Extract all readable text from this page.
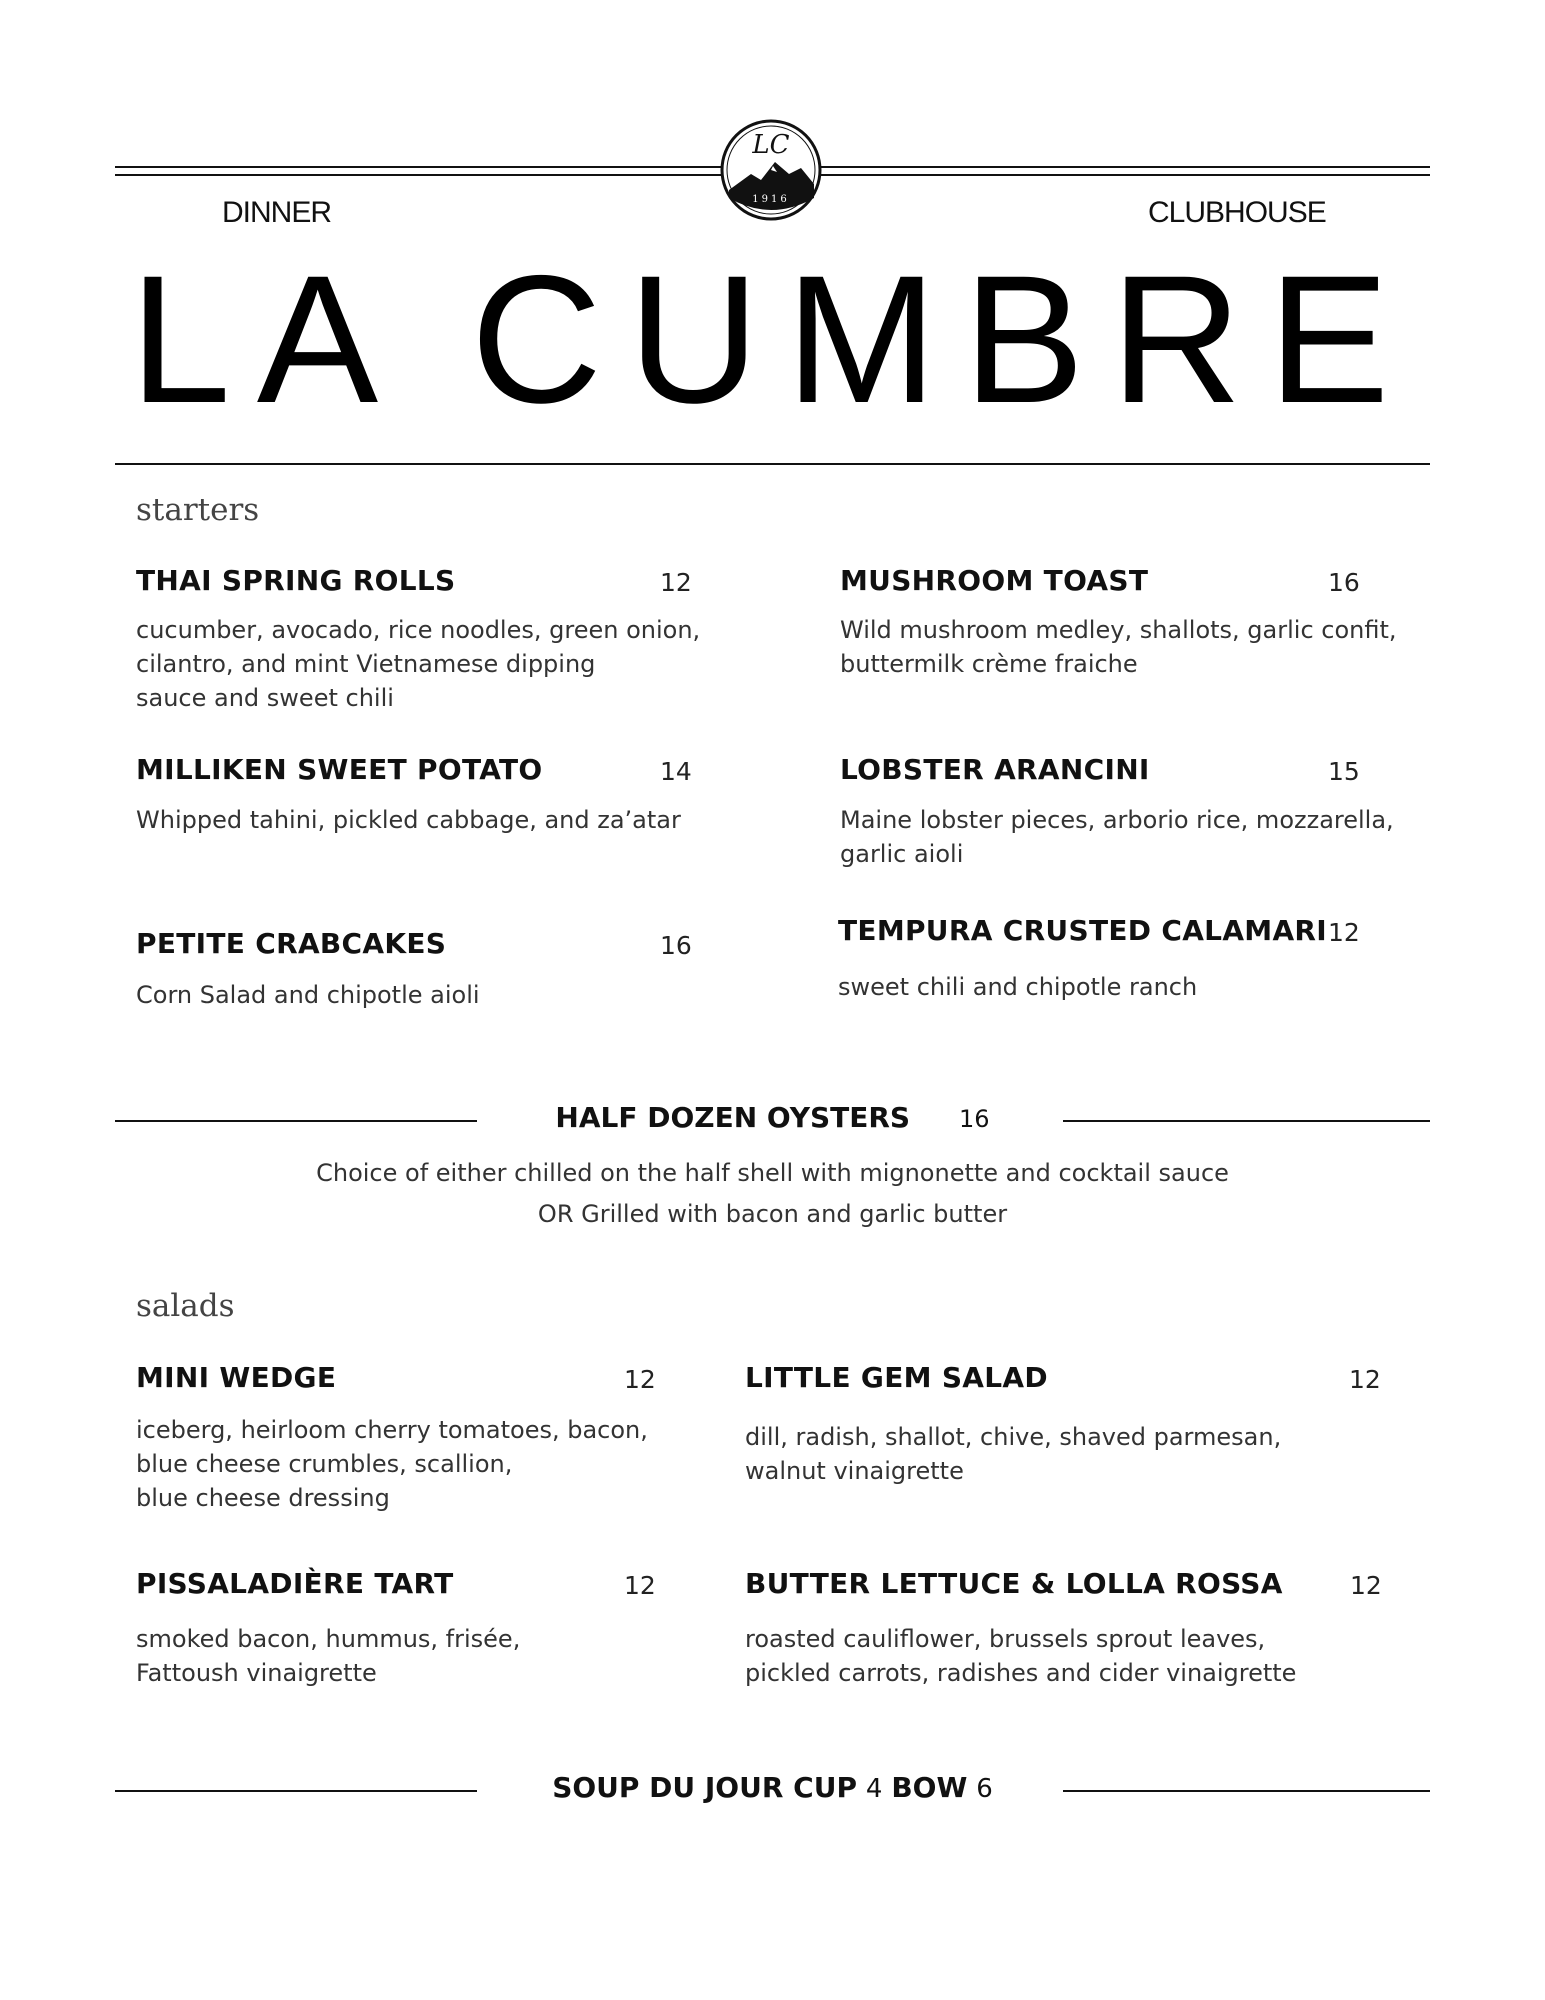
LC
1916
DINNER	CLUBHOUSE
LA CUMBRE
starters
THAI SPRING ROLLS	12
cucumber, avocado, rice noodles, green onion,
cilantro, and mint Vietnamese dipping
sauce and sweet chili
MUSHROOM TOAST	16
Wild mushroom medley, shallots, garlic confit,
buttermilk crème fraiche
MILLIKEN SWEET POTATO	14
Whipped tahini, pickled cabbage, and za’atar
LOBSTER ARANCINI	15
Maine lobster pieces, arborio rice, mozzarella,
garlic aioli
PETITE CRABCAKES	16
Corn Salad and chipotle aioli
TEMPURA CRUSTED CALAMARI 12
sweet chili and chipotle ranch
HALF DOZEN OYSTERS 16
Choice of either chilled on the half shell with mignonette and cocktail sauce
OR Grilled with bacon and garlic butter
salads
MINI WEDGE	12
iceberg, heirloom cherry tomatoes, bacon,
blue cheese crumbles, scallion,
blue cheese dressing
LITTLE GEM SALAD	12
dill, radish, shallot, chive, shaved parmesan,
walnut vinaigrette
PISSALADIÈRE TART	12
smoked bacon, hummus, frisée,
Fattoush vinaigrette
BUTTER LETTUCE & LOLLA ROSSA	12
roasted cauliflower, brussels sprout leaves,
pickled carrots, radishes and cider vinaigrette
SOUP DU JOUR CUP 4 BOW 6
